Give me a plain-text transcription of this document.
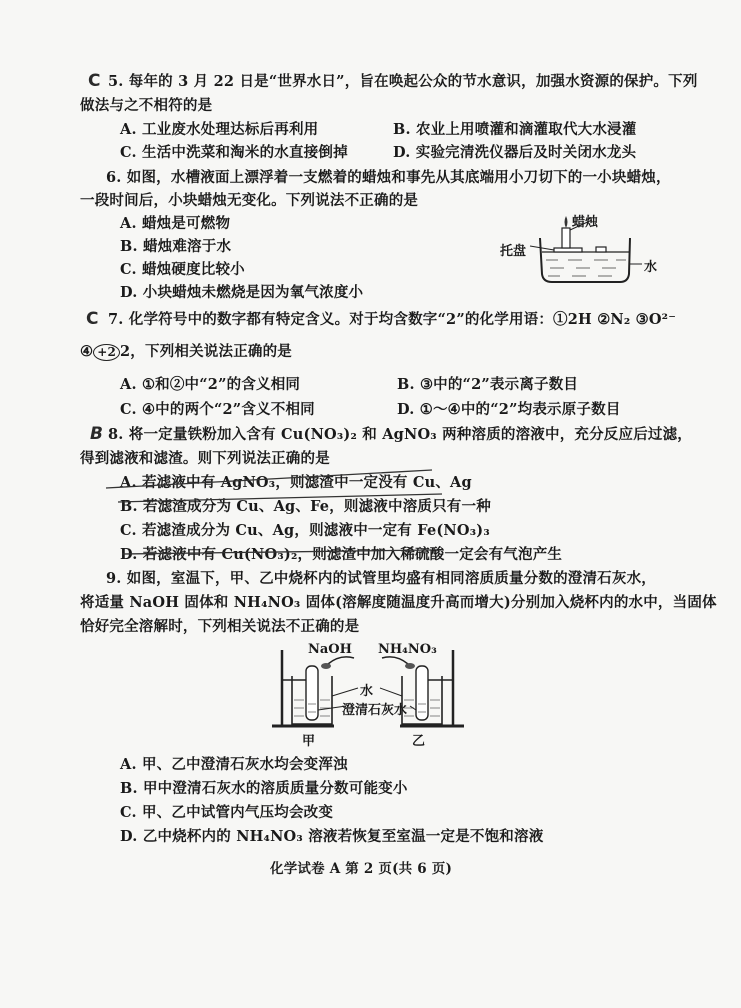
C 5. 每年的 3 月 22 日是“世界水日”，旨在唤起公众的节水意识，加强水资源的保护。下列
做法与之不相符的是
A. 工业废水处理达标后再利用	B. 农业上用喷灌和滴灌取代大水浸灌
C. 生活中洗菜和淘米的水直接倒掉	D. 实验完清洗仪器后及时关闭水龙头
6. 如图，水槽液面上漂浮着一支燃着的蜡烛和事先从其底端用小刀切下的一小块蜡烛，
一段时间后，小块蜡烛无变化。下列说法不正确的是
A. 蜡烛是可燃物
B. 蜡烛难溶于水
C. 蜡烛硬度比较小
D. 小块蜡烛未燃烧是因为氧气浓度小
蜡烛
托盘
水
C 7. 化学符号中的数字都有特定含义。对于均含数字“2”的化学用语：①2H ②N₂ ③O²⁻
④ +2 2，下列相关说法正确的是
A. ①和②中“2”的含义相同	B. ③中的“2”表示离子数目
C. ④中的两个“2”含义不相同	D. ①～④中的“2”均表示原子数目
B 8. 将一定量铁粉加入含有 Cu(NO₃)₂ 和 AgNO₃ 两种溶质的溶液中，充分反应后过滤，
得到滤液和滤渣。则下列说法正确的是
A. 若滤液中有 AgNO₃，则滤渣中一定没有 Cu、Ag
B. 若滤渣成分为 Cu、Ag、Fe，则滤液中溶质只有一种
C. 若滤渣成分为 Cu、Ag，则滤液中一定有 Fe(NO₃)₃
D. 若滤液中有 Cu(NO₃)₂，则滤渣中加入稀硫酸一定会有气泡产生
9. 如图，室温下，甲、乙中烧杯内的试管里均盛有相同溶质质量分数的澄清石灰水，
将适量 NaOH 固体和 NH₄NO₃ 固体(溶解度随温度升高而增大)分别加入烧杯内的水中，当固体
恰好完全溶解时，下列相关说法不正确的是
NaOH NH₄NO₃
水
澄清石灰水
甲	乙
A. 甲、乙中澄清石灰水均会变浑浊
B. 甲中澄清石灰水的溶质质量分数可能变小
C. 甲、乙中试管内气压均会改变
D. 乙中烧杯内的 NH₄NO₃ 溶液若恢复至室温一定是不饱和溶液
化学试卷 A 第 2 页(共 6 页)
